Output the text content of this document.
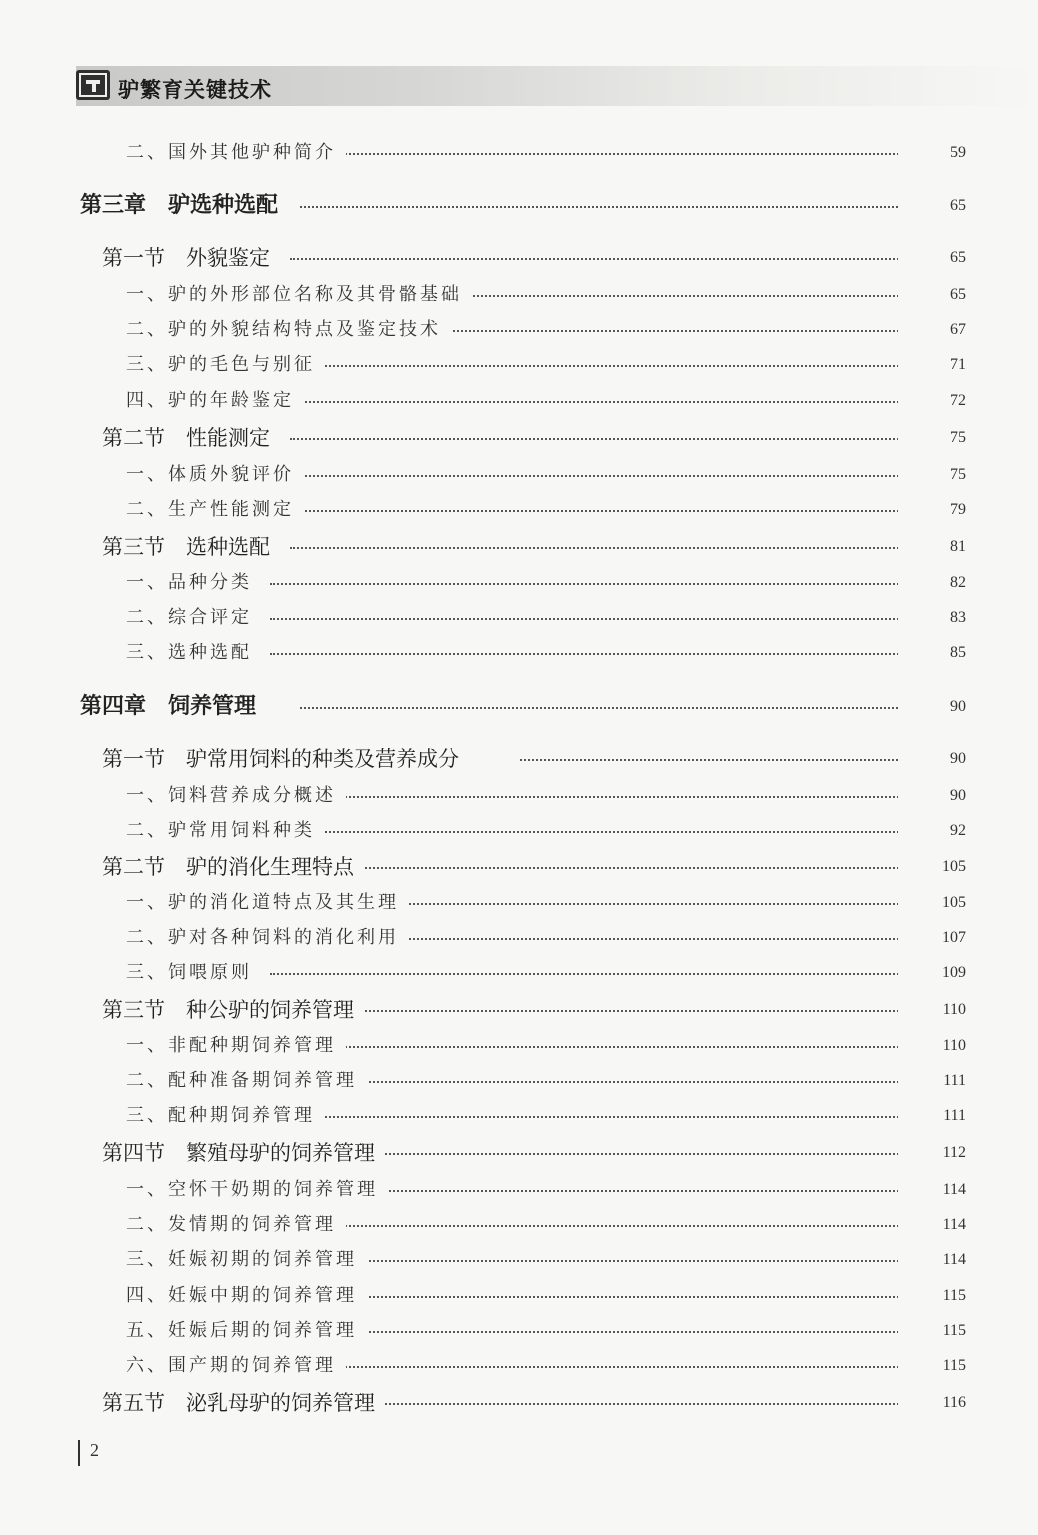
驴繁育关键技术
二、国外其他驴种简介	59
第三章　驴选种选配	65
第一节　外貌鉴定	65
一、驴的外形部位名称及其骨骼基础	65
二、驴的外貌结构特点及鉴定技术	67
三、驴的毛色与别征	71
四、驴的年龄鉴定	72
第二节　性能测定	75
一、体质外貌评价	75
二、生产性能测定	79
第三节　选种选配	81
一、品种分类	82
二、综合评定	83
三、选种选配	85
第四章　饲养管理	90
第一节　驴常用饲料的种类及营养成分	90
一、饲料营养成分概述	90
二、驴常用饲料种类	92
第二节　驴的消化生理特点	105
一、驴的消化道特点及其生理	105
二、驴对各种饲料的消化利用	107
三、饲喂原则	109
第三节　种公驴的饲养管理	110
一、非配种期饲养管理	110
二、配种准备期饲养管理	111
三、配种期饲养管理	111
第四节　繁殖母驴的饲养管理	112
一、空怀干奶期的饲养管理	114
二、发情期的饲养管理	114
三、妊娠初期的饲养管理	114
四、妊娠中期的饲养管理	115
五、妊娠后期的饲养管理	115
六、围产期的饲养管理	115
第五节　泌乳母驴的饲养管理	116
2
